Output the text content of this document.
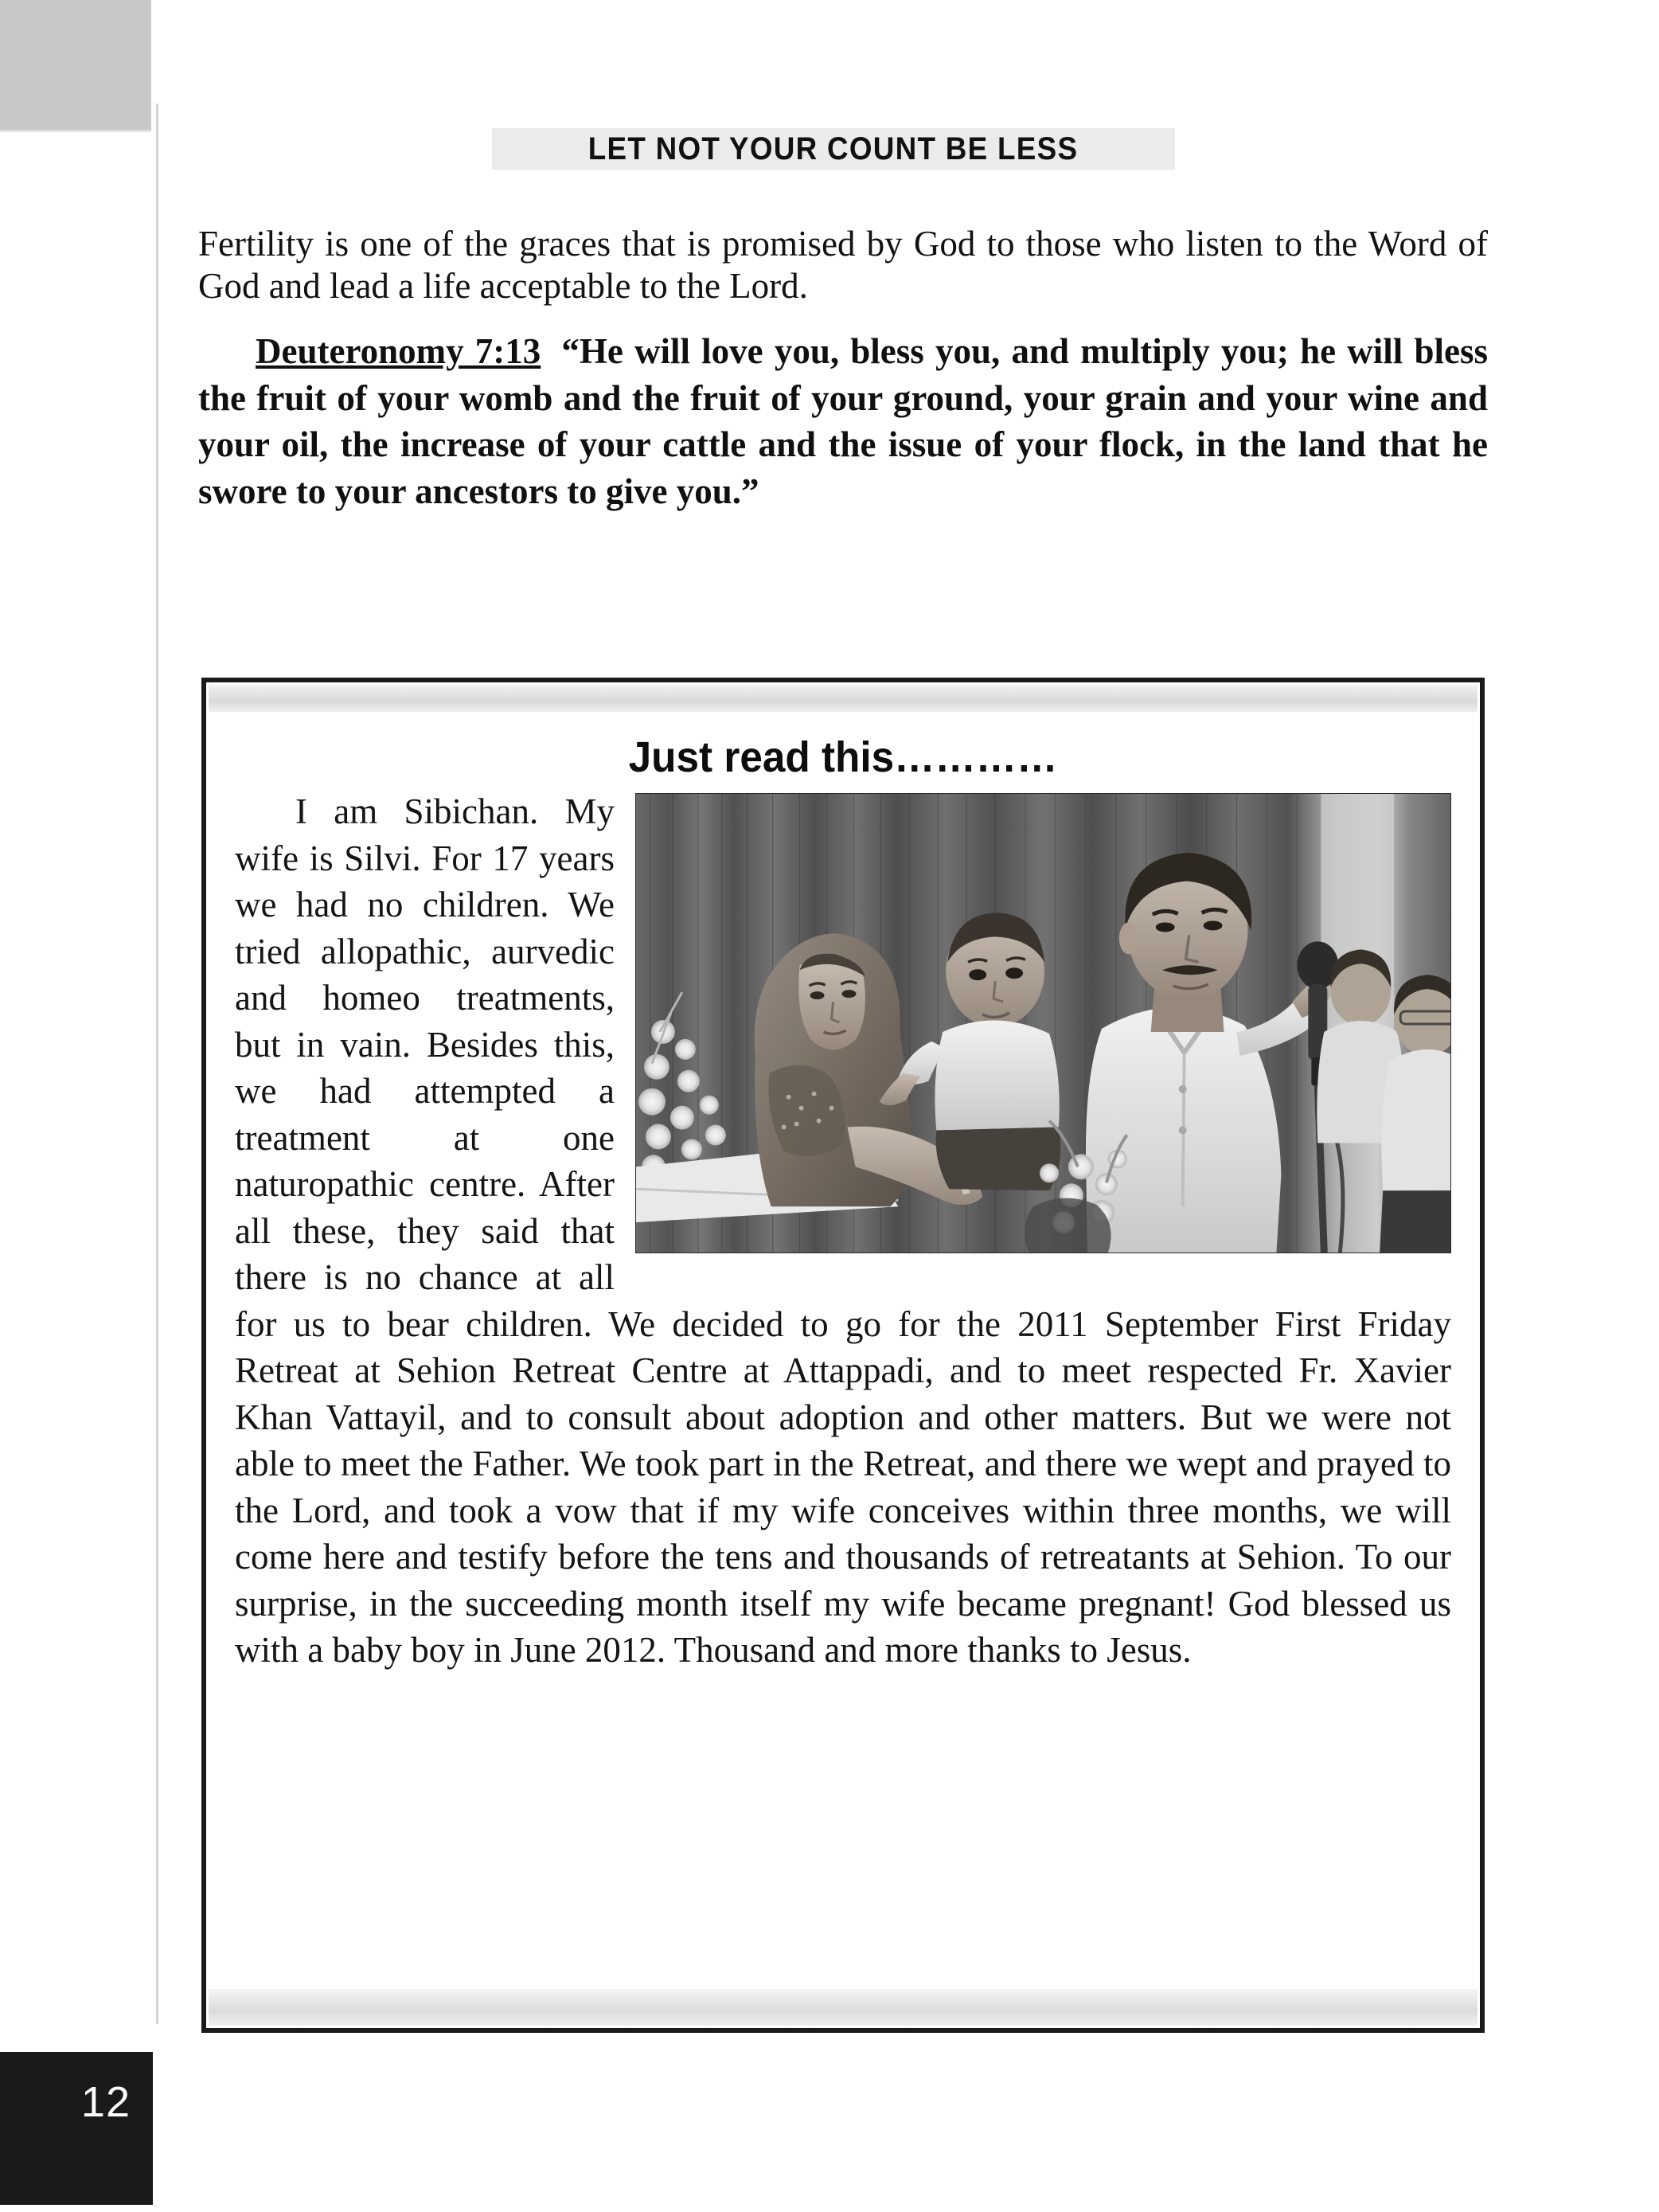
LET NOT YOUR COUNT BE LESS

Fertility is one of the graces that is promised by God to those who listen to the Word of God and lead a life acceptable to the Lord.

Deuteronomy 7:13 “He will love you, bless you, and multiply you; he will bless the fruit of your womb and the fruit of your ground, your grain and your wine and your oil, the increase of your cattle and the issue of your flock, in the land that he swore to your ancestors to give you.”

Just read this…………

I am Sibichan. My wife is Silvi. For 17 years we had no children. We tried allopathic, aurvedic and homeo treatments, but in vain. Besides this, we had attempted a treatment at one naturopathic centre. After all these, they said that there is no chance at all for us to bear children. We decided to go for the 2011 September First Friday Retreat at Sehion Retreat Centre at Attappadi, and to meet respected Fr. Xavier Khan Vattayil, and to consult about adoption and other matters. But we were not able to meet the Father. We took part in the Retreat, and there we wept and prayed to the Lord, and took a vow that if my wife conceives within three months, we will come here and testify before the tens and thousands of retreatants at Sehion. To our surprise, in the succeeding month itself my wife became pregnant! God blessed us with a baby boy in June 2012. Thousand and more thanks to Jesus.

12
